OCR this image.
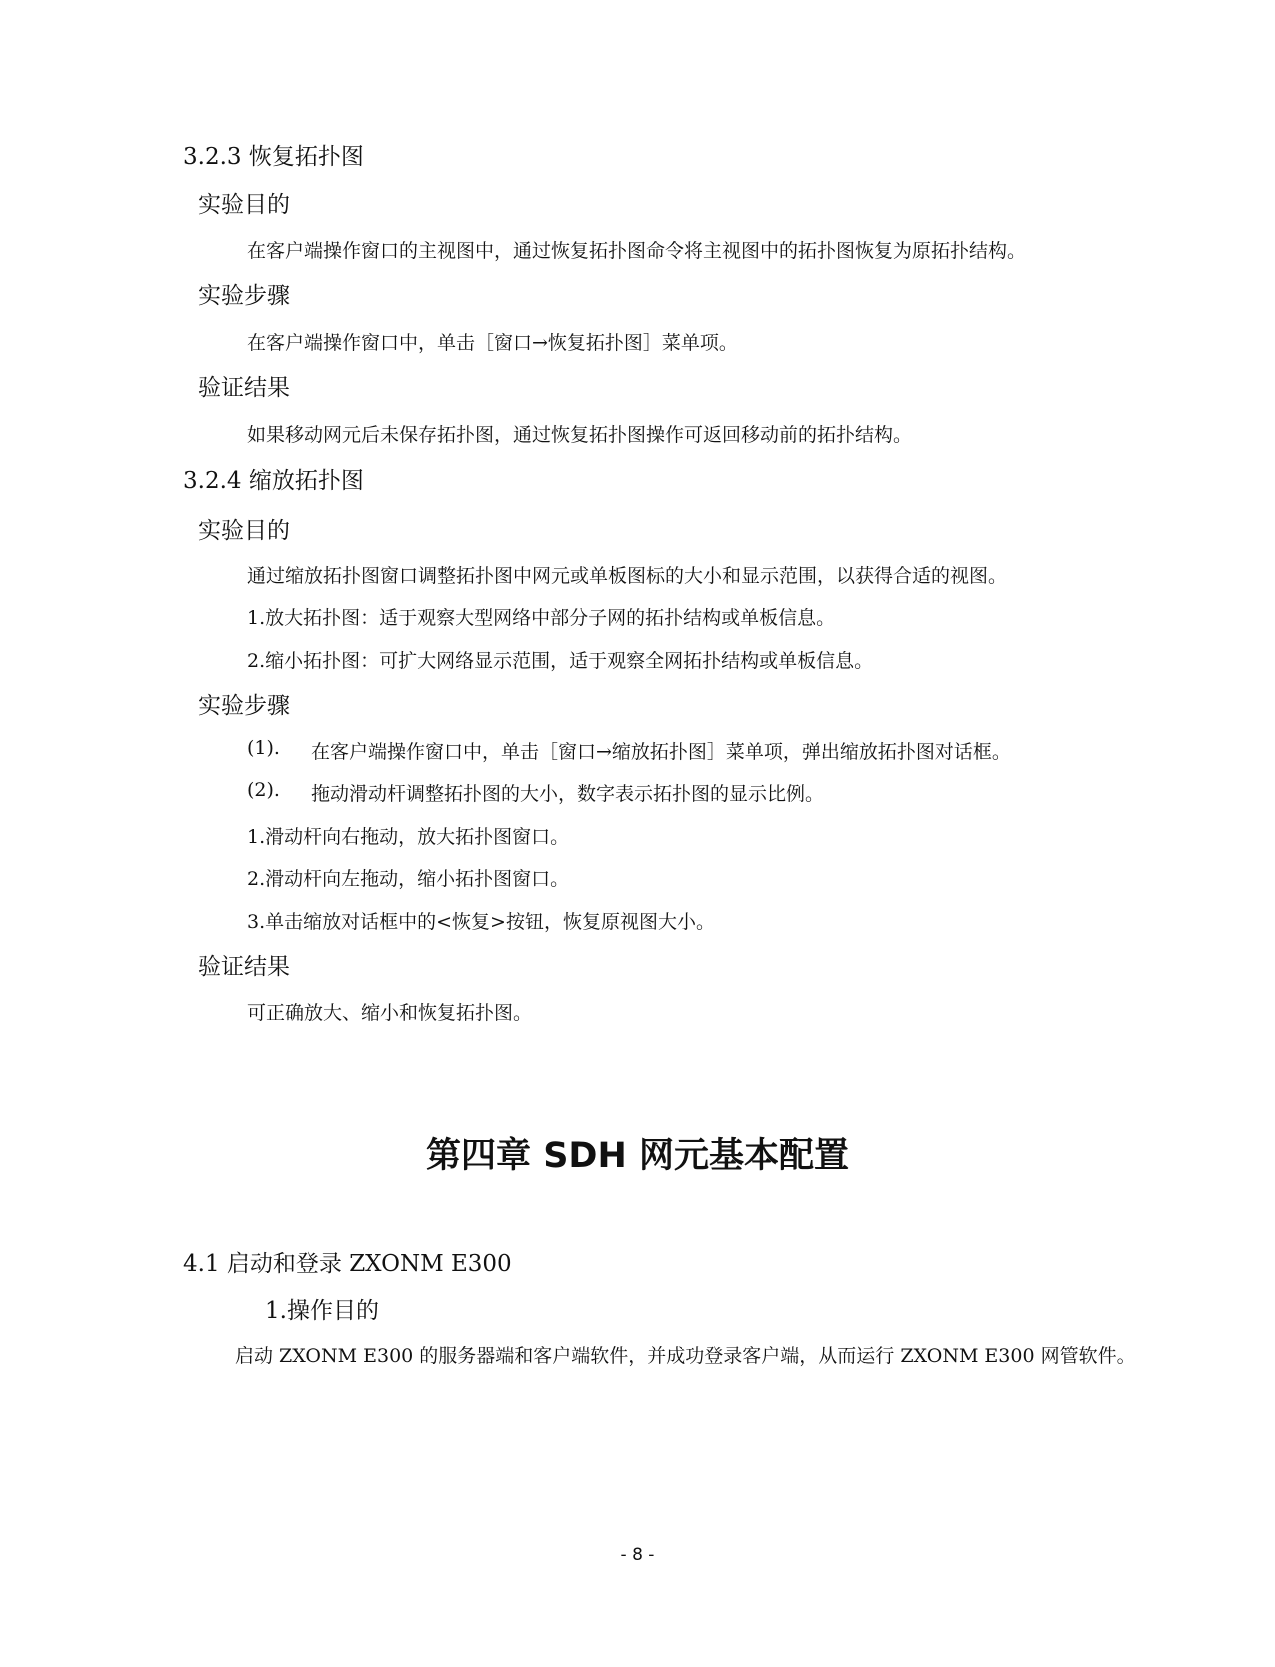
3.2.3 恢复拓扑图
实验目的
在客户端操作窗口的主视图中，通过恢复拓扑图命令将主视图中的拓扑图恢复为原拓扑结构。
实验步骤
在客户端操作窗口中，单击［窗口→恢复拓扑图］菜单项。
验证结果
如果移动网元后未保存拓扑图，通过恢复拓扑图操作可返回移动前的拓扑结构。
3.2.4 缩放拓扑图
实验目的
通过缩放拓扑图窗口调整拓扑图中网元或单板图标的大小和显示范围，以获得合适的视图。
1.放大拓扑图：适于观察大型网络中部分子网的拓扑结构或单板信息。
2.缩小拓扑图：可扩大网络显示范围，适于观察全网拓扑结构或单板信息。
实验步骤
(1). 在客户端操作窗口中，单击［窗口→缩放拓扑图］菜单项，弹出缩放拓扑图对话框。
(2). 拖动滑动杆调整拓扑图的大小，数字表示拓扑图的显示比例。
1.滑动杆向右拖动，放大拓扑图窗口。
2.滑动杆向左拖动，缩小拓扑图窗口。
3.单击缩放对话框中的<恢复>按钮，恢复原视图大小。
验证结果
可正确放大、缩小和恢复拓扑图。
第四章 SDH 网元基本配置
4.1 启动和登录 ZXONM E300
1.操作目的
启动 ZXONM E300 的服务器端和客户端软件，并成功登录客户端，从而运行 ZXONM E300 网管软件。
- 8 -
